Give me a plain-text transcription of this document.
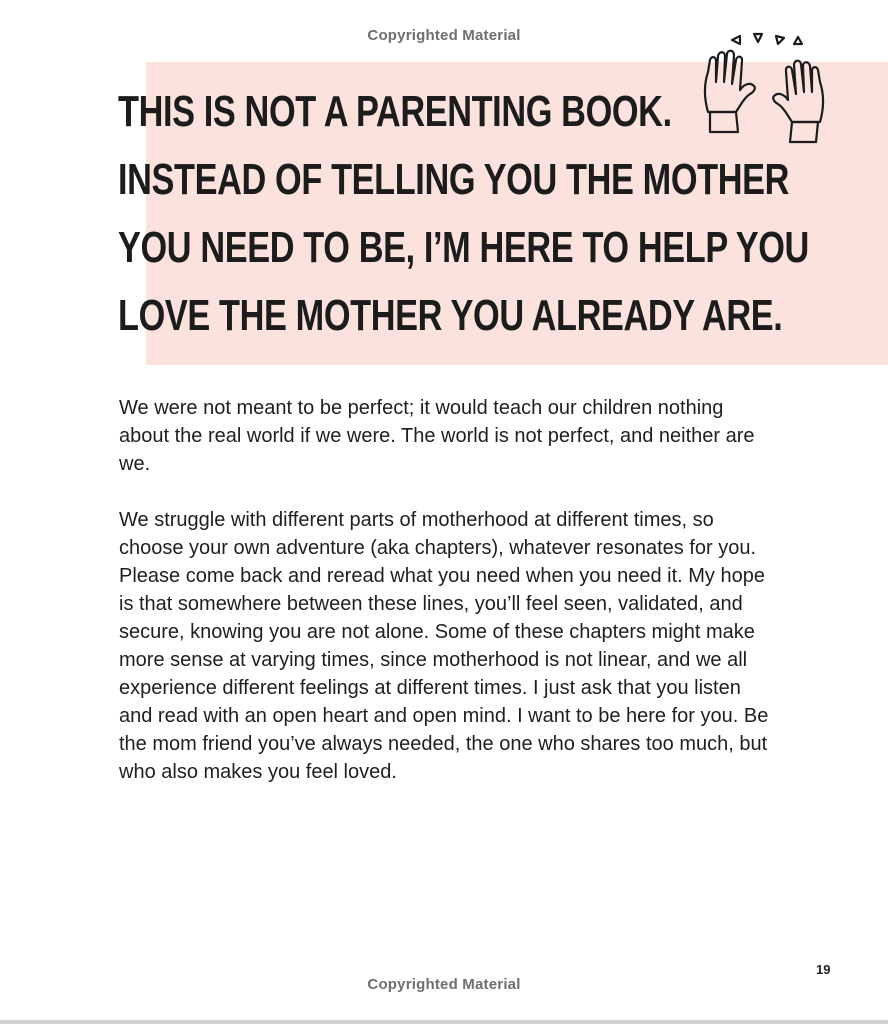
Copyrighted Material
THIS IS NOT A PARENTING BOOK.
INSTEAD OF TELLING YOU THE MOTHER
YOU NEED TO BE, I’M HERE TO HELP YOU
LOVE THE MOTHER YOU ALREADY ARE.

We were not meant to be perfect; it would teach our children nothing about the real world if we were. The world is not perfect, and neither are we.

We struggle with different parts of motherhood at different times, so choose your own adventure (aka chapters), whatever resonates for you. Please come back and reread what you need when you need it. My hope is that somewhere between these lines, you’ll feel seen, validated, and secure, knowing you are not alone. Some of these chapters might make more sense at varying times, since motherhood is not linear, and we all experience different feelings at different times. I just ask that you listen and read with an open heart and open mind. I want to be here for you. Be the mom friend you’ve always needed, the one who shares too much, but who also makes you feel loved.

19
Copyrighted Material
